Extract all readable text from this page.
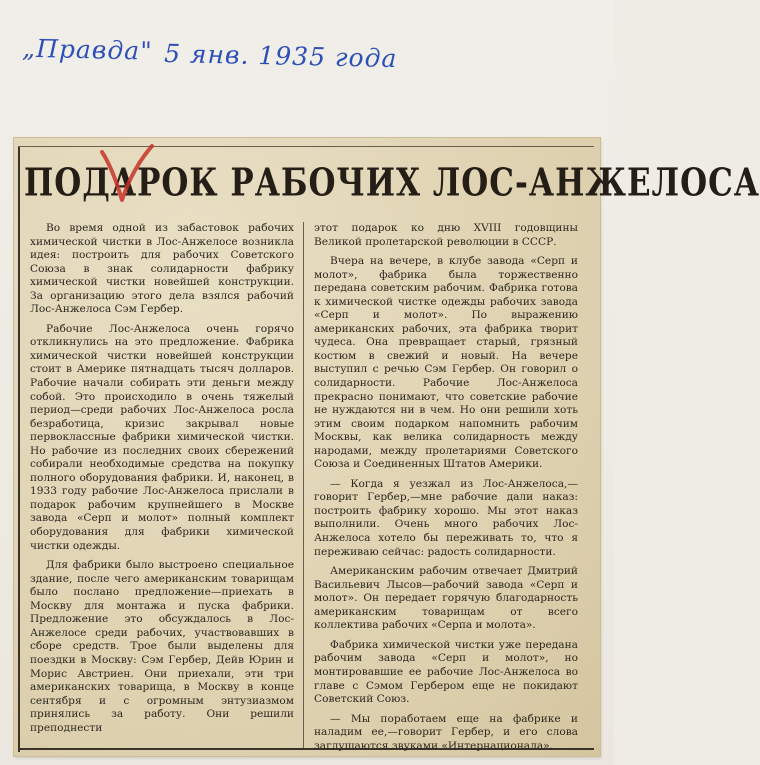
„Правда" 5 янв. 1935 года
ПОДАРОК РАБОЧИХ ЛОС-АНЖЕЛОСА

Во время одной из забастовок рабочих химической чистки в Лос-Анжелосе возникла идея: построить для рабочих Советского Союза в знак солидарности фабрику химической чистки новейшей конструкции. За организацию этого дела взялся рабочий Лос-Анжелоса Сэм Гербер.

Рабочие Лос-Анжелоса очень горячо откликнулись на это предложение. Фабрика химической чистки новейшей конструкции стоит в Америке пятнадцать тысяч долларов. Рабочие начали собирать эти деньги между собой. Это происходило в очень тяжелый период—среди рабочих Лос-Анжелоса росла безработица, кризис закрывал новые первоклассные фабрики химической чистки. Но рабочие из последних своих сбережений собирали необходимые средства на покупку полного оборудования фабрики. И, наконец, в 1933 году рабочие Лос-Анжелоса прислали в подарок рабочим крупнейшего в Москве завода «Серп и молот» полный комплект оборудования для фабрики химической чистки одежды.

Для фабрики было выстроено специальное здание, после чего американским товарищам было послано предложение—приехать в Москву для монтажа и пуска фабрики. Предложение это обсуждалось в Лос-Анжелосе среди рабочих, участвовавших в сборе средств. Трое были выделены для поездки в Москву: Сэм Гербер, Дейв Юрин и Морис Австриен. Они приехали, эти три американских товарища, в Москву в конце сентября и с огромным энтузиазмом принялись за работу. Они решили преподнести

этот подарок ко дню XVIII годовщины Великой пролетарской революции в СССР.

Вчера на вечере, в клубе завода «Серп и молот», фабрика была торжественно передана советским рабочим. Фабрика готова к химической чистке одежды рабочих завода «Серп и молот». По выражению американских рабочих, эта фабрика творит чудеса. Она превращает старый, грязный костюм в свежий и новый. На вечере выступил с речью Сэм Гербер. Он говорил о солидарности. Рабочие Лос-Анжелоса прекрасно понимают, что советские рабочие не нуждаются ни в чем. Но они решили хоть этим своим подарком напомнить рабочим Москвы, как велика солидарность между народами, между пролетариями Советского Союза и Соединенных Штатов Америки.

— Когда я уезжал из Лос-Анжелоса,— говорит Гербер,—мне рабочие дали наказ: построить фабрику хорошо. Мы этот наказ выполнили. Очень много рабочих Лос-Анжелоса хотело бы переживать то, что я переживаю сейчас: радость солидарности.

Американским рабочим отвечает Дмитрий Васильевич Лысов—рабочий завода «Серп и молот». Он передает горячую благодарность американским товарищам от всего коллектива рабочих «Серпа и молота».

Фабрика химической чистки уже передана рабочим завода «Серп и молот», но монтировавшие ее рабочие Лос-Анжелоса во главе с Сэмом Гербером еще не покидают Советский Союз.

— Мы поработаем еще на фабрике и наладим ее,—говорит Гербер, и его слова заглушаются звуками «Интернационала».
